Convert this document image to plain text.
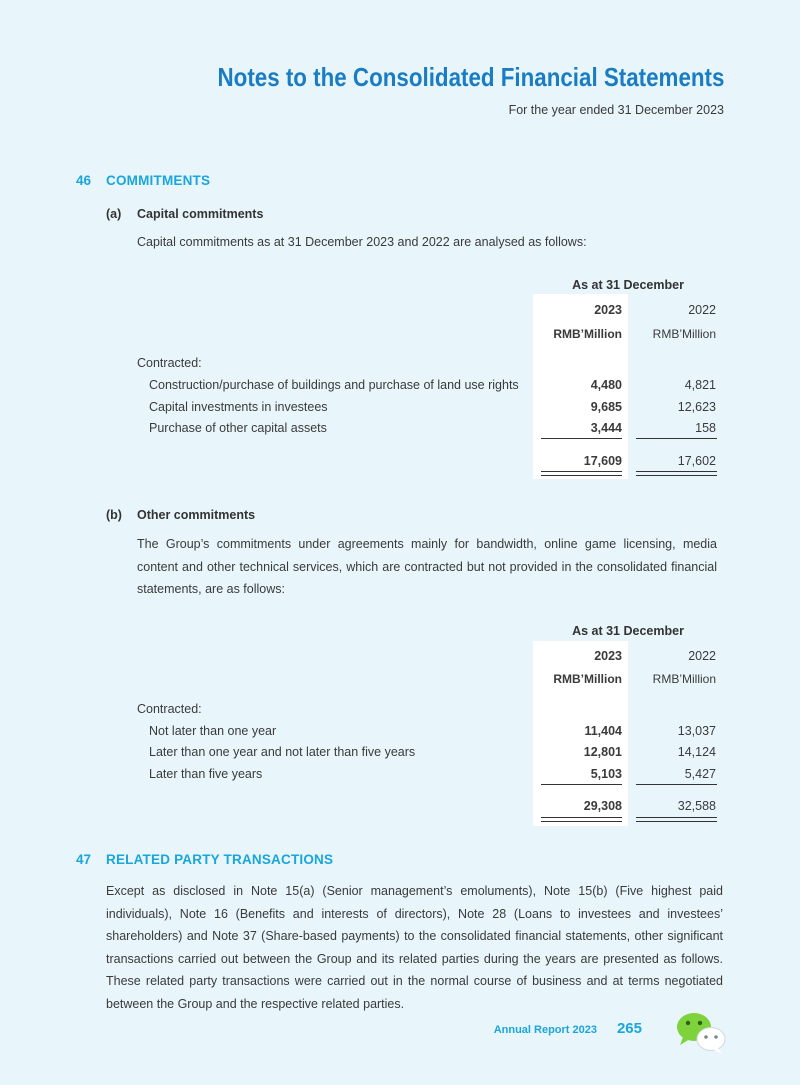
Notes to the Consolidated Financial Statements
For the year ended 31 December 2023
46 COMMITMENTS
(a) Capital commitments
Capital commitments as at 31 December 2023 and 2022 are analysed as follows:
As at 31 December
2023	2022
RMB’Million	RMB’Million
Contracted:
Construction/purchase of buildings and purchase of land use rights	4,480	4,821
Capital investments in investees	9,685	12,623
Purchase of other capital assets	3,444	158
17,609	17,602
(b) Other commitments
The Group’s commitments under agreements mainly for bandwidth, online game licensing, media content and other technical services, which are contracted but not provided in the consolidated financial statements, are as follows:
As at 31 December
2023	2022
RMB’Million	RMB’Million
Contracted:
Not later than one year	11,404	13,037
Later than one year and not later than five years	12,801	14,124
Later than five years	5,103	5,427
29,308	32,588
47 RELATED PARTY TRANSACTIONS
Except as disclosed in Note 15(a) (Senior management’s emoluments), Note 15(b) (Five highest paid individuals), Note 16 (Benefits and interests of directors), Note 28 (Loans to investees and investees’ shareholders) and Note 37 (Share-based payments) to the consolidated financial statements, other significant transactions carried out between the Group and its related parties during the years are presented as follows. These related party transactions were carried out in the normal course of business and at terms negotiated between the Group and the respective related parties.
Annual Report 2023 265
